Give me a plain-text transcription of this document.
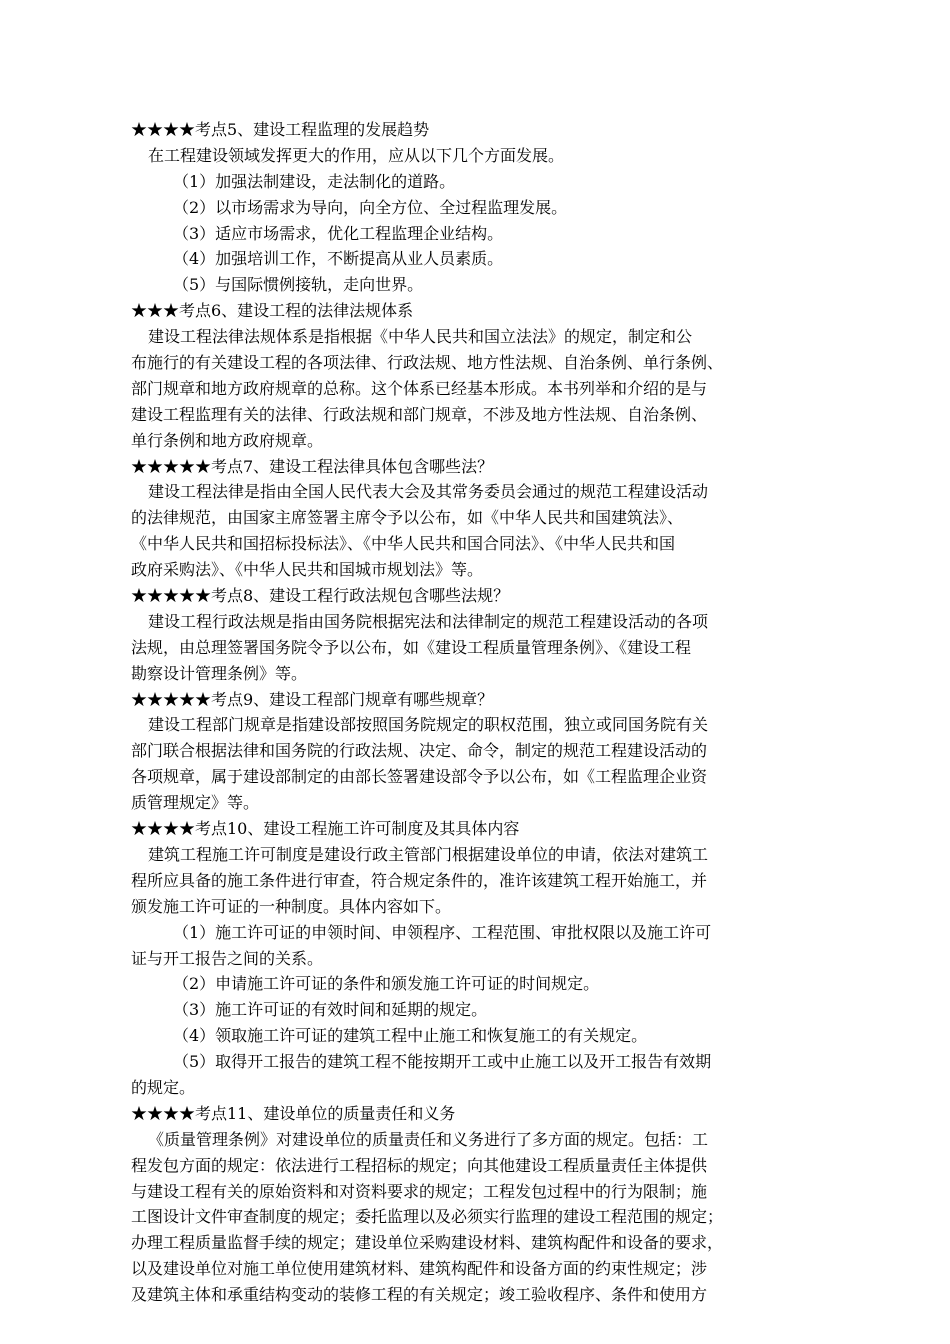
★★★★考点5、建设工程监理的发展趋势
在工程建设领域发挥更大的作用，应从以下几个方面发展。
（1）加强法制建设，走法制化的道路。
（2）以市场需求为导向，向全方位、全过程监理发展。
（3）适应市场需求，优化工程监理企业结构。
（4）加强培训工作，不断提高从业人员素质。
（5）与国际惯例接轨，走向世界。
★★★考点6、建设工程的法律法规体系
建设工程法律法规体系是指根据《中华人民共和国立法法》的规定，制定和公
布施行的有关建设工程的各项法律、行政法规、地方性法规、自治条例、单行条例、
部门规章和地方政府规章的总称。这个体系已经基本形成。本书列举和介绍的是与
建设工程监理有关的法律、行政法规和部门规章，不涉及地方性法规、自治条例、
单行条例和地方政府规章。
★★★★★考点7、建设工程法律具体包含哪些法？
建设工程法律是指由全国人民代表大会及其常务委员会通过的规范工程建设活动
的法律规范，由国家主席签署主席令予以公布，如《中华人民共和国建筑法》、
《中华人民共和国招标投标法》、《中华人民共和国合同法》、《中华人民共和国
政府采购法》、《中华人民共和国城市规划法》等。
★★★★★考点8、建设工程行政法规包含哪些法规？
建设工程行政法规是指由国务院根据宪法和法律制定的规范工程建设活动的各项
法规，由总理签署国务院令予以公布，如《建设工程质量管理条例》、《建设工程
勘察设计管理条例》等。
★★★★★考点9、建设工程部门规章有哪些规章？
建设工程部门规章是指建设部按照国务院规定的职权范围，独立或同国务院有关
部门联合根据法律和国务院的行政法规、决定、命令，制定的规范工程建设活动的
各项规章，属于建设部制定的由部长签署建设部令予以公布，如《工程监理企业资
质管理规定》等。
★★★★考点10、建设工程施工许可制度及其具体内容
建筑工程施工许可制度是建设行政主管部门根据建设单位的申请，依法对建筑工
程所应具备的施工条件进行审查，符合规定条件的，准许该建筑工程开始施工，并
颁发施工许可证的一种制度。具体内容如下。
（1）施工许可证的申领时间、申领程序、工程范围、审批权限以及施工许可
证与开工报告之间的关系。
（2）申请施工许可证的条件和颁发施工许可证的时间规定。
（3）施工许可证的有效时间和延期的规定。
（4）领取施工许可证的建筑工程中止施工和恢复施工的有关规定。
（5）取得开工报告的建筑工程不能按期开工或中止施工以及开工报告有效期
的规定。
★★★★考点11、建设单位的质量责任和义务
《质量管理条例》对建设单位的质量责任和义务进行了多方面的规定。包括：工
程发包方面的规定：依法进行工程招标的规定；向其他建设工程质量责任主体提供
与建设工程有关的原始资料和对资料要求的规定；工程发包过程中的行为限制；施
工图设计文件审查制度的规定；委托监理以及必须实行监理的建设工程范围的规定；
办理工程质量监督手续的规定；建设单位采购建设材料、建筑构配件和设备的要求，
以及建设单位对施工单位使用建筑材料、建筑构配件和设备方面的约束性规定；涉
及建筑主体和承重结构变动的装修工程的有关规定；竣工验收程序、条件和使用方
